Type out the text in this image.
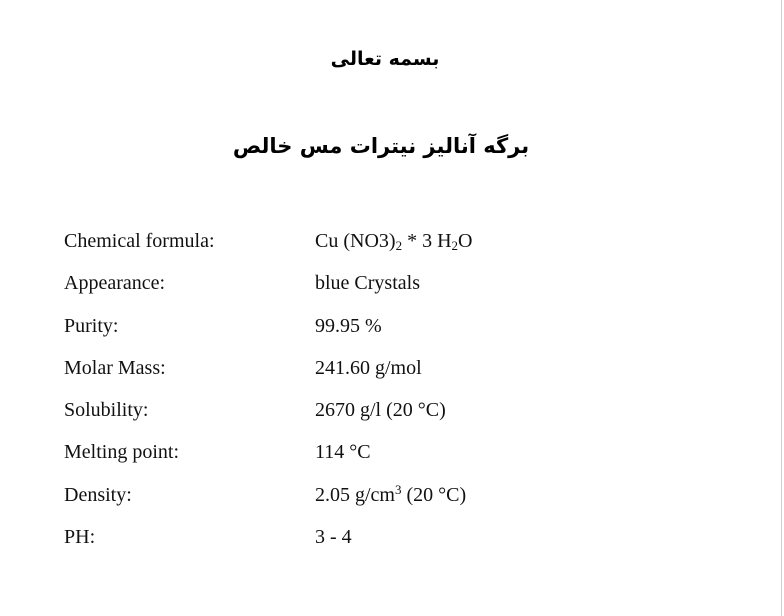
بسمه تعالی
برگه آنالیز نیترات مس خالص
Chemical formula:	Cu $(NO3)_2 * 3$ $H_2O$
Appearance:	blue Crystals
Purity:	99.95 %
Molar Mass:	241.60 g/mol
Solubility:	2670 g/l (20 °C)
Melting point:	114 °C
Density:	2.05 $g/cm^3$ (20 °C)
PH:	3 - 4
